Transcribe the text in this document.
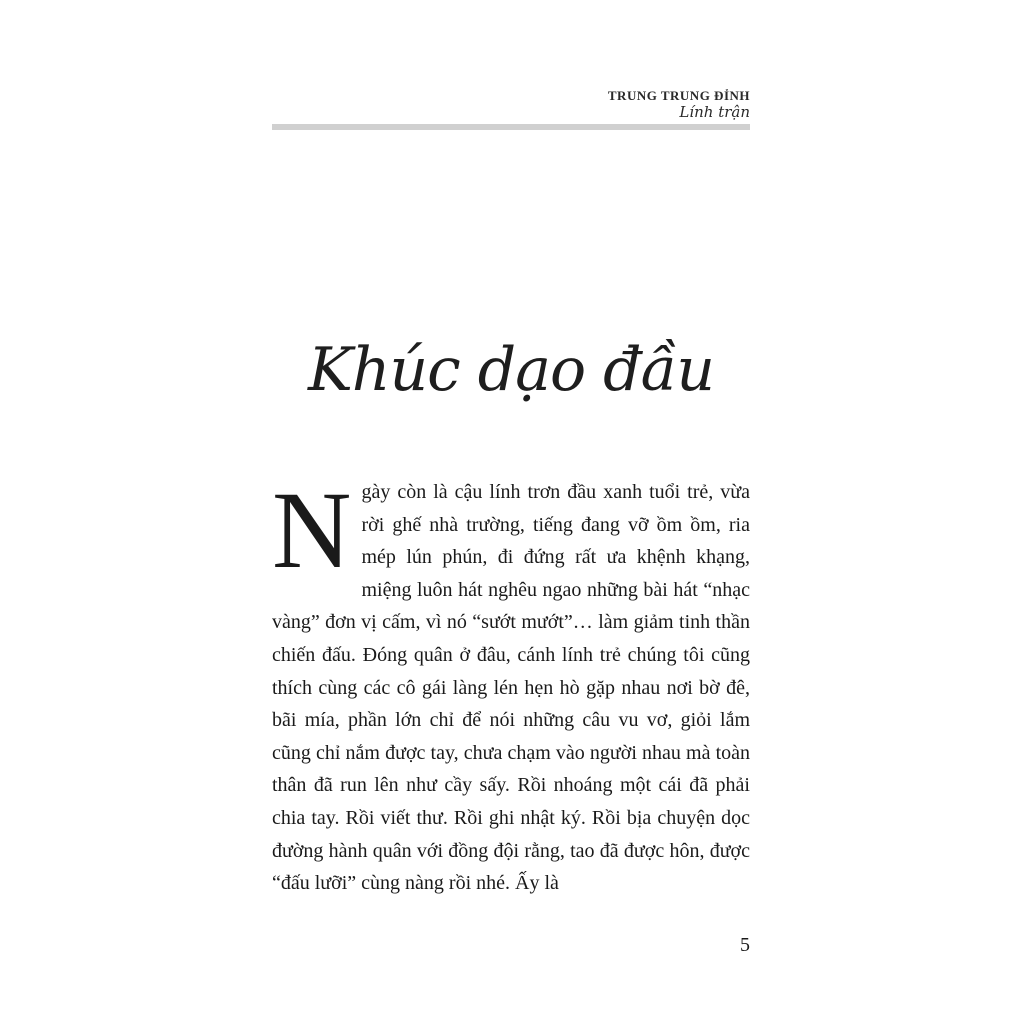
TRUNG TRUNG ĐỈNH
Lính trận
Khúc dạo đầu
Ngày còn là cậu lính trơn đầu xanh tuổi trẻ, vừa rời ghế nhà trường, tiếng đang vỡ ồm ồm, ria mép lún phún, đi đứng rất ưa khệnh khạng, miệng luôn hát nghêu ngao những bài hát “nhạc vàng” đơn vị cấm, vì nó “sướt mướt”… làm giảm tinh thần chiến đấu. Đóng quân ở đâu, cánh lính trẻ chúng tôi cũng thích cùng các cô gái làng lén hẹn hò gặp nhau nơi bờ đê, bãi mía, phần lớn chỉ để nói những câu vu vơ, giỏi lắm cũng chỉ nắm được tay, chưa chạm vào người nhau mà toàn thân đã run lên như cầy sấy. Rồi nhoáng một cái đã phải chia tay. Rồi viết thư. Rồi ghi nhật ký. Rồi bịa chuyện dọc đường hành quân với đồng đội rằng, tao đã được hôn, được “đấu lưỡi” cùng nàng rồi nhé. Ấy là
5
